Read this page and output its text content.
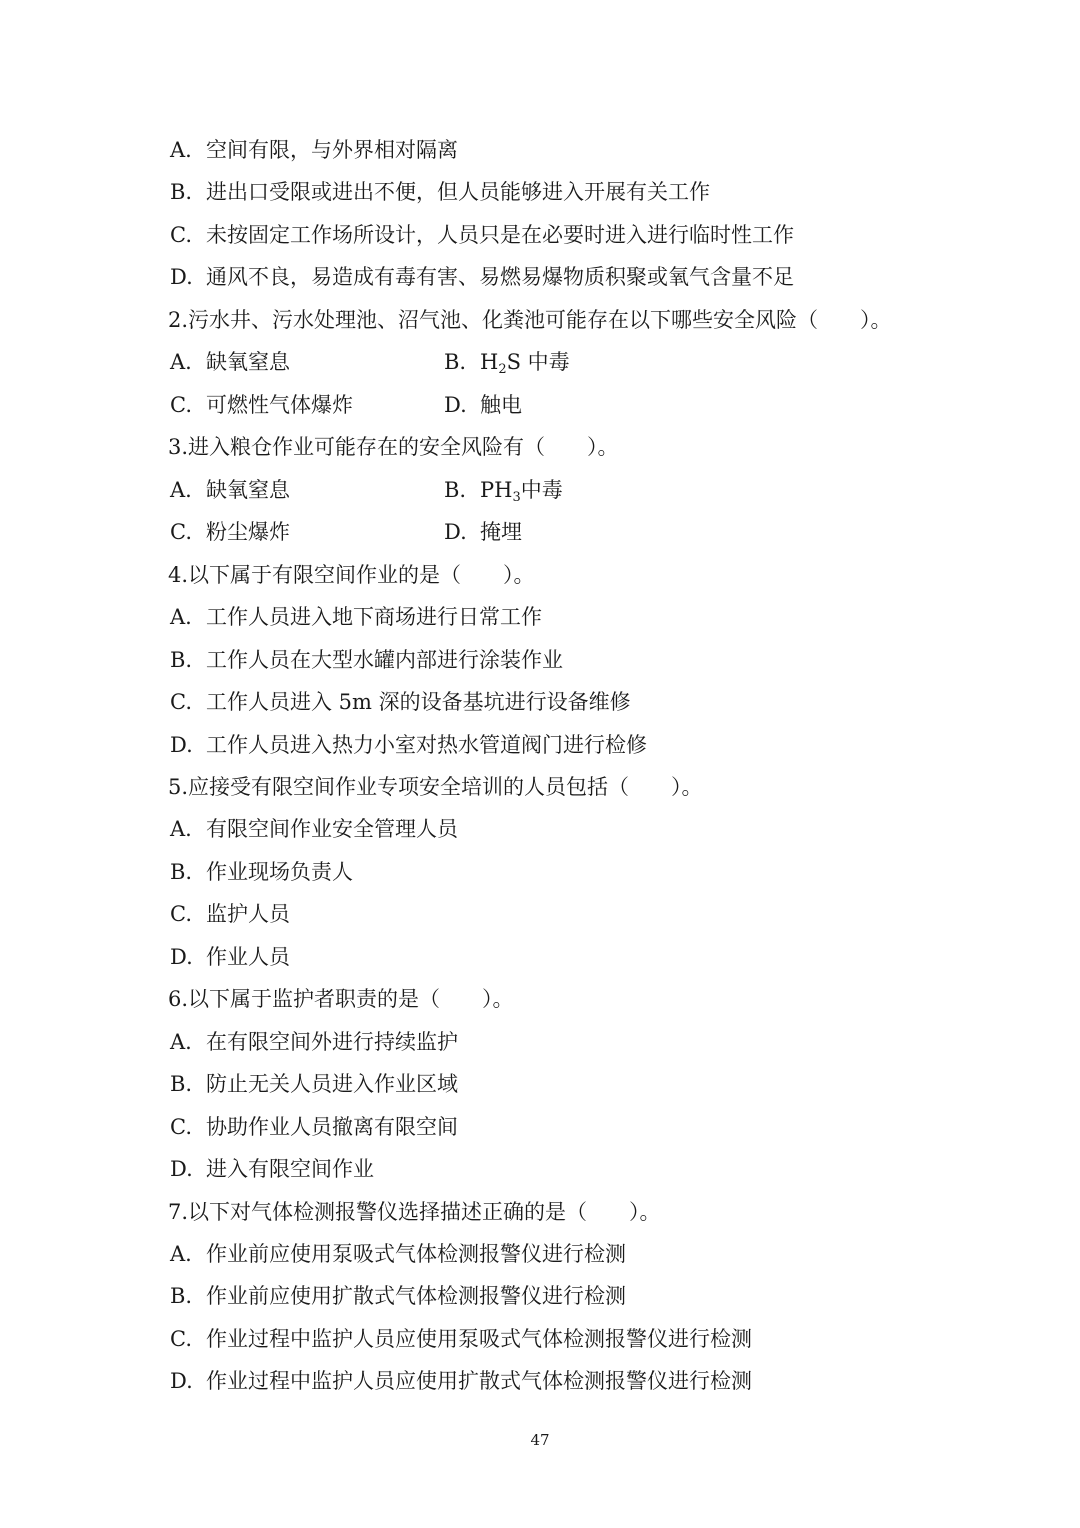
A. 空间有限，与外界相对隔离
B. 进出口受限或进出不便，但人员能够进入开展有关工作
C. 未按固定工作场所设计，人员只是在必要时进入进行临时性工作
D. 通风不良，易造成有毒有害、易燃易爆物质积聚或氧气含量不足
2.污水井、污水处理池、沼气池、化粪池可能存在以下哪些安全风险（　　）。
A. 缺氧窒息	B. $H_2S$ 中毒
C. 可燃性气体爆炸	D. 触电
3.进入粮仓作业可能存在的安全风险有（　　）。
A. 缺氧窒息	B. $PH_3$中毒
C. 粉尘爆炸	D. 掩埋
4.以下属于有限空间作业的是（　　）。
A. 工作人员进入地下商场进行日常工作
B. 工作人员在大型水罐内部进行涂装作业
C. 工作人员进入 5m 深的设备基坑进行设备维修
D. 工作人员进入热力小室对热水管道阀门进行检修
5.应接受有限空间作业专项安全培训的人员包括（　　）。
A. 有限空间作业安全管理人员
B. 作业现场负责人
C. 监护人员
D. 作业人员
6.以下属于监护者职责的是（　　）。
A. 在有限空间外进行持续监护
B. 防止无关人员进入作业区域
C. 协助作业人员撤离有限空间
D. 进入有限空间作业
7.以下对气体检测报警仪选择描述正确的是（　　）。
A. 作业前应使用泵吸式气体检测报警仪进行检测
B. 作业前应使用扩散式气体检测报警仪进行检测
C. 作业过程中监护人员应使用泵吸式气体检测报警仪进行检测
D. 作业过程中监护人员应使用扩散式气体检测报警仪进行检测
47
